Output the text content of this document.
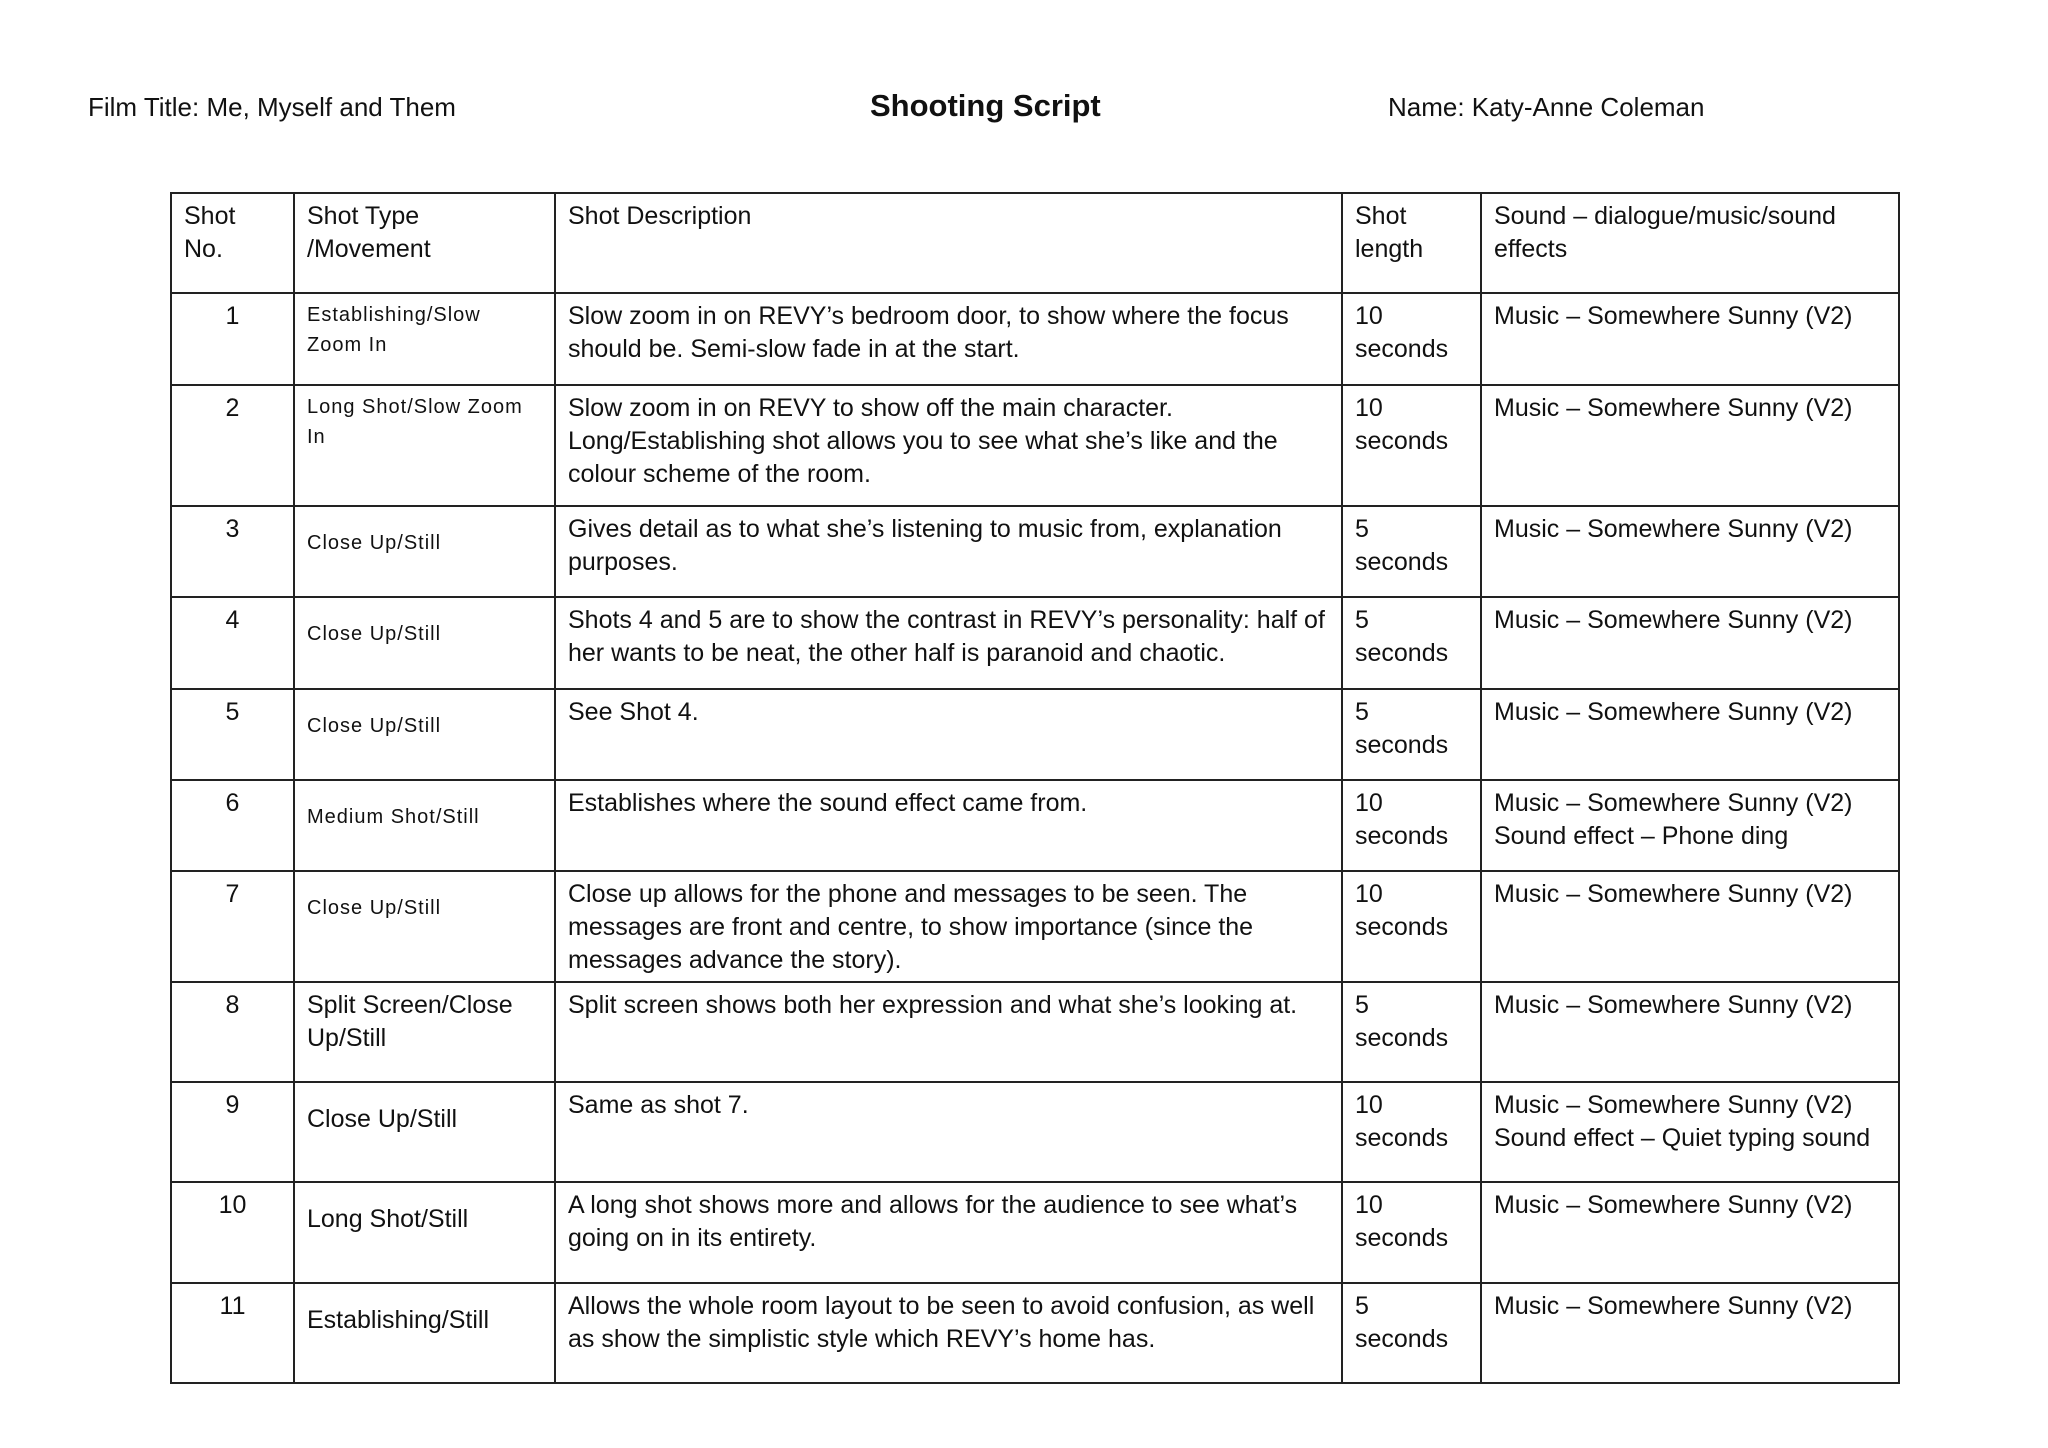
Film Title: Me, Myself and Them	Shooting Script	Name: Katy-Anne Coleman
Shot No.	Shot Type /Movement	Shot Description	Shot length	Sound – dialogue/music/sound effects
1	Establishing/Slow Zoom In	Slow zoom in on REVY’s bedroom door, to show where the focus should be. Semi-slow fade in at the start.	10 seconds	Music – Somewhere Sunny (V2)

2	Long Shot/Slow Zoom In	Slow zoom in on REVY to show off the main character. Long/Establishing shot allows you to see what she’s like and the colour scheme of the room.	10 seconds	Music – Somewhere Sunny (V2)

3	Close Up/Still	Gives detail as to what she’s listening to music from, explanation purposes.	5 seconds	Music – Somewhere Sunny (V2)

4	Close Up/Still	Shots 4 and 5 are to show the contrast in REVY’s personality: half of her wants to be neat, the other half is paranoid and chaotic.	5 seconds	Music – Somewhere Sunny (V2)

5	Close Up/Still	See Shot 4.	5 seconds	Music – Somewhere Sunny (V2)

6	Medium Shot/Still	Establishes where the sound effect came from.	10 seconds	Music – Somewhere Sunny (V2)
Sound effect – Phone ding

7	Close Up/Still	Close up allows for the phone and messages to be seen. The messages are front and centre, to show importance (since the messages advance the story).	10 seconds	Music – Somewhere Sunny (V2)

8	Split Screen/Close Up/Still	Split screen shows both her expression and what she’s looking at.	5 seconds	Music – Somewhere Sunny (V2)

9	Close Up/Still	Same as shot 7.	10 seconds	Music – Somewhere Sunny (V2)
Sound effect – Quiet typing sound

10	Long Shot/Still	A long shot shows more and allows for the audience to see what’s going on in its entirety.	10 seconds	Music – Somewhere Sunny (V2)

11	Establishing/Still	Allows the whole room layout to be seen to avoid confusion, as well as show the simplistic style which REVY’s home has.	5 seconds	Music – Somewhere Sunny (V2)
